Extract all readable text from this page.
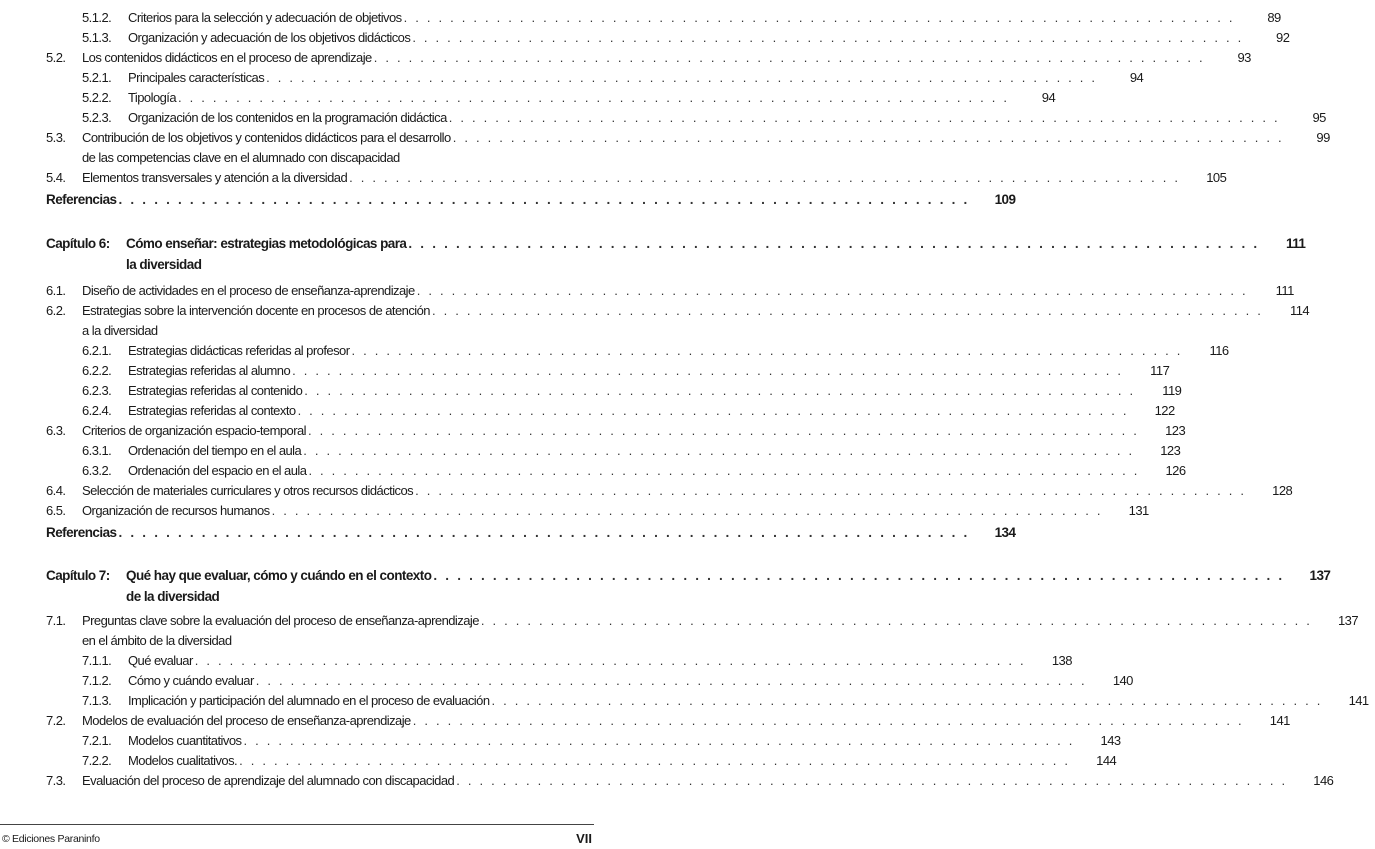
5.1.2.	Criterios para la selección y adecuación de objetivos . . . . . . . . . . . . . . . . . . . . . . . . . . . . . . . . . . . . . . . . . . . . . . . . . . . . . . . . . . . . . . . . . . . . . . . .	89
5.1.3.	Organización y adecuación de los objetivos didácticos . . . . . . . . . . . . . . . . . . . . . . . . . . . . . . . . . . . . . . . . . . . . . . . . . . . . . . . . . . . . . . . . . . . . . . . .	92
5.2.	Los contenidos didácticos en el proceso de aprendizaje . . . . . . . . . . . . . . . . . . . . . . . . . . . . . . . . . . . . . . . . . . . . . . . . . . . . . . . . . . . . . . . . . . . . . . . .	93
5.2.1.	Principales características . . . . . . . . . . . . . . . . . . . . . . . . . . . . . . . . . . . . . . . . . . . . . . . . . . . . . . . . . . . . . . . . . . . . . . . .	94
5.2.2.	Tipología . . . . . . . . . . . . . . . . . . . . . . . . . . . . . . . . . . . . . . . . . . . . . . . . . . . . . . . . . . . . . . . . . . . . . . . .	94
5.2.3.	Organización de los contenidos en la programación didáctica . . . . . . . . . . . . . . . . . . . . . . . . . . . . . . . . . . . . . . . . . . . . . . . . . . . . . . . . . . . . . . . . . . . . . . . .	95
5.3.	Contribución de los objetivos y contenidos didácticos para el desarrollo . . . . . . . . . . . . . . . . . . . . . . . . . . . . . . . . . . . . . . . . . . . . . . . . . . . . . . . . . . . . . . . . . . . . . . . .	99
de las competencias clave en el alumnado con discapacidad
5.4.	Elementos transversales y atención a la diversidad . . . . . . . . . . . . . . . . . . . . . . . . . . . . . . . . . . . . . . . . . . . . . . . . . . . . . . . . . . . . . . . . . . . . . . . .	105
Referencias . . . . . . . . . . . . . . . . . . . . . . . . . . . . . . . . . . . . . . . . . . . . . . . . . . . . . . . . . . . . . . . . . . . . . . . .	109
Capítulo 6:	Cómo enseñar: estrategias metodológicas para . . . . . . . . . . . . . . . . . . . . . . . . . . . . . . . . . . . . . . . . . . . . . . . . . . . . . . . . . . . . . . . . . . . . . . . .	111
la diversidad
6.1.	Diseño de actividades en el proceso de enseñanza-aprendizaje . . . . . . . . . . . . . . . . . . . . . . . . . . . . . . . . . . . . . . . . . . . . . . . . . . . . . . . . . . . . . . . . . . . . . . . .	111
6.2.	Estrategias sobre la intervención docente en procesos de atención . . . . . . . . . . . . . . . . . . . . . . . . . . . . . . . . . . . . . . . . . . . . . . . . . . . . . . . . . . . . . . . . . . . . . . . .	114
a la diversidad
6.2.1.	Estrategias didácticas referidas al profesor . . . . . . . . . . . . . . . . . . . . . . . . . . . . . . . . . . . . . . . . . . . . . . . . . . . . . . . . . . . . . . . . . . . . . . . .	116
6.2.2.	Estrategias referidas al alumno . . . . . . . . . . . . . . . . . . . . . . . . . . . . . . . . . . . . . . . . . . . . . . . . . . . . . . . . . . . . . . . . . . . . . . . .	117
6.2.3.	Estrategias referidas al contenido . . . . . . . . . . . . . . . . . . . . . . . . . . . . . . . . . . . . . . . . . . . . . . . . . . . . . . . . . . . . . . . . . . . . . . . .	119
6.2.4.	Estrategias referidas al contexto . . . . . . . . . . . . . . . . . . . . . . . . . . . . . . . . . . . . . . . . . . . . . . . . . . . . . . . . . . . . . . . . . . . . . . . .	122
6.3.	Criterios de organización espacio-temporal . . . . . . . . . . . . . . . . . . . . . . . . . . . . . . . . . . . . . . . . . . . . . . . . . . . . . . . . . . . . . . . . . . . . . . . .	123
6.3.1.	Ordenación del tiempo en el aula . . . . . . . . . . . . . . . . . . . . . . . . . . . . . . . . . . . . . . . . . . . . . . . . . . . . . . . . . . . . . . . . . . . . . . . .	123
6.3.2.	Ordenación del espacio en el aula . . . . . . . . . . . . . . . . . . . . . . . . . . . . . . . . . . . . . . . . . . . . . . . . . . . . . . . . . . . . . . . . . . . . . . . .	126
6.4.	Selección de materiales curriculares y otros recursos didácticos . . . . . . . . . . . . . . . . . . . . . . . . . . . . . . . . . . . . . . . . . . . . . . . . . . . . . . . . . . . . . . . . . . . . . . . .	128
6.5.	Organización de recursos humanos . . . . . . . . . . . . . . . . . . . . . . . . . . . . . . . . . . . . . . . . . . . . . . . . . . . . . . . . . . . . . . . . . . . . . . . .	131
Referencias . . . . . . . . . . . . . . . . . . . . . . . . . . . . . . . . . . . . . . . . . . . . . . . . . . . . . . . . . . . . . . . . . . . . . . . .	134
Capítulo 7:	Qué hay que evaluar, cómo y cuándo en el contexto . . . . . . . . . . . . . . . . . . . . . . . . . . . . . . . . . . . . . . . . . . . . . . . . . . . . . . . . . . . . . . . . . . . . . . . .	137
de la diversidad
7.1.	Preguntas clave sobre la evaluación del proceso de enseñanza-aprendizaje . . . . . . . . . . . . . . . . . . . . . . . . . . . . . . . . . . . . . . . . . . . . . . . . . . . . . . . . . . . . . . . . . . . . . . . .	137
en el ámbito de la diversidad
7.1.1.	Qué evaluar . . . . . . . . . . . . . . . . . . . . . . . . . . . . . . . . . . . . . . . . . . . . . . . . . . . . . . . . . . . . . . . . . . . . . . . .	138
7.1.2.	Cómo y cuándo evaluar . . . . . . . . . . . . . . . . . . . . . . . . . . . . . . . . . . . . . . . . . . . . . . . . . . . . . . . . . . . . . . . . . . . . . . . .	140
7.1.3.	Implicación y participación del alumnado en el proceso de evaluación . . . . . . . . . . . . . . . . . . . . . . . . . . . . . . . . . . . . . . . . . . . . . . . . . . . . . . . . . . . . . . . . . . . . . . . .	141
7.2.	Modelos de evaluación del proceso de enseñanza-aprendizaje . . . . . . . . . . . . . . . . . . . . . . . . . . . . . . . . . . . . . . . . . . . . . . . . . . . . . . . . . . . . . . . . . . . . . . . .	141
7.2.1.	Modelos cuantitativos . . . . . . . . . . . . . . . . . . . . . . . . . . . . . . . . . . . . . . . . . . . . . . . . . . . . . . . . . . . . . . . . . . . . . . . .	143
7.2.2.	Modelos cualitativos. . . . . . . . . . . . . . . . . . . . . . . . . . . . . . . . . . . . . . . . . . . . . . . . . . . . . . . . . . . . . . . . . . . . . . . . .	144
7.3.	Evaluación del proceso de aprendizaje del alumnado con discapacidad . . . . . . . . . . . . . . . . . . . . . . . . . . . . . . . . . . . . . . . . . . . . . . . . . . . . . . . . . . . . . . . . . . . . . . . .	146
© Ediciones Paraninfo	VII
